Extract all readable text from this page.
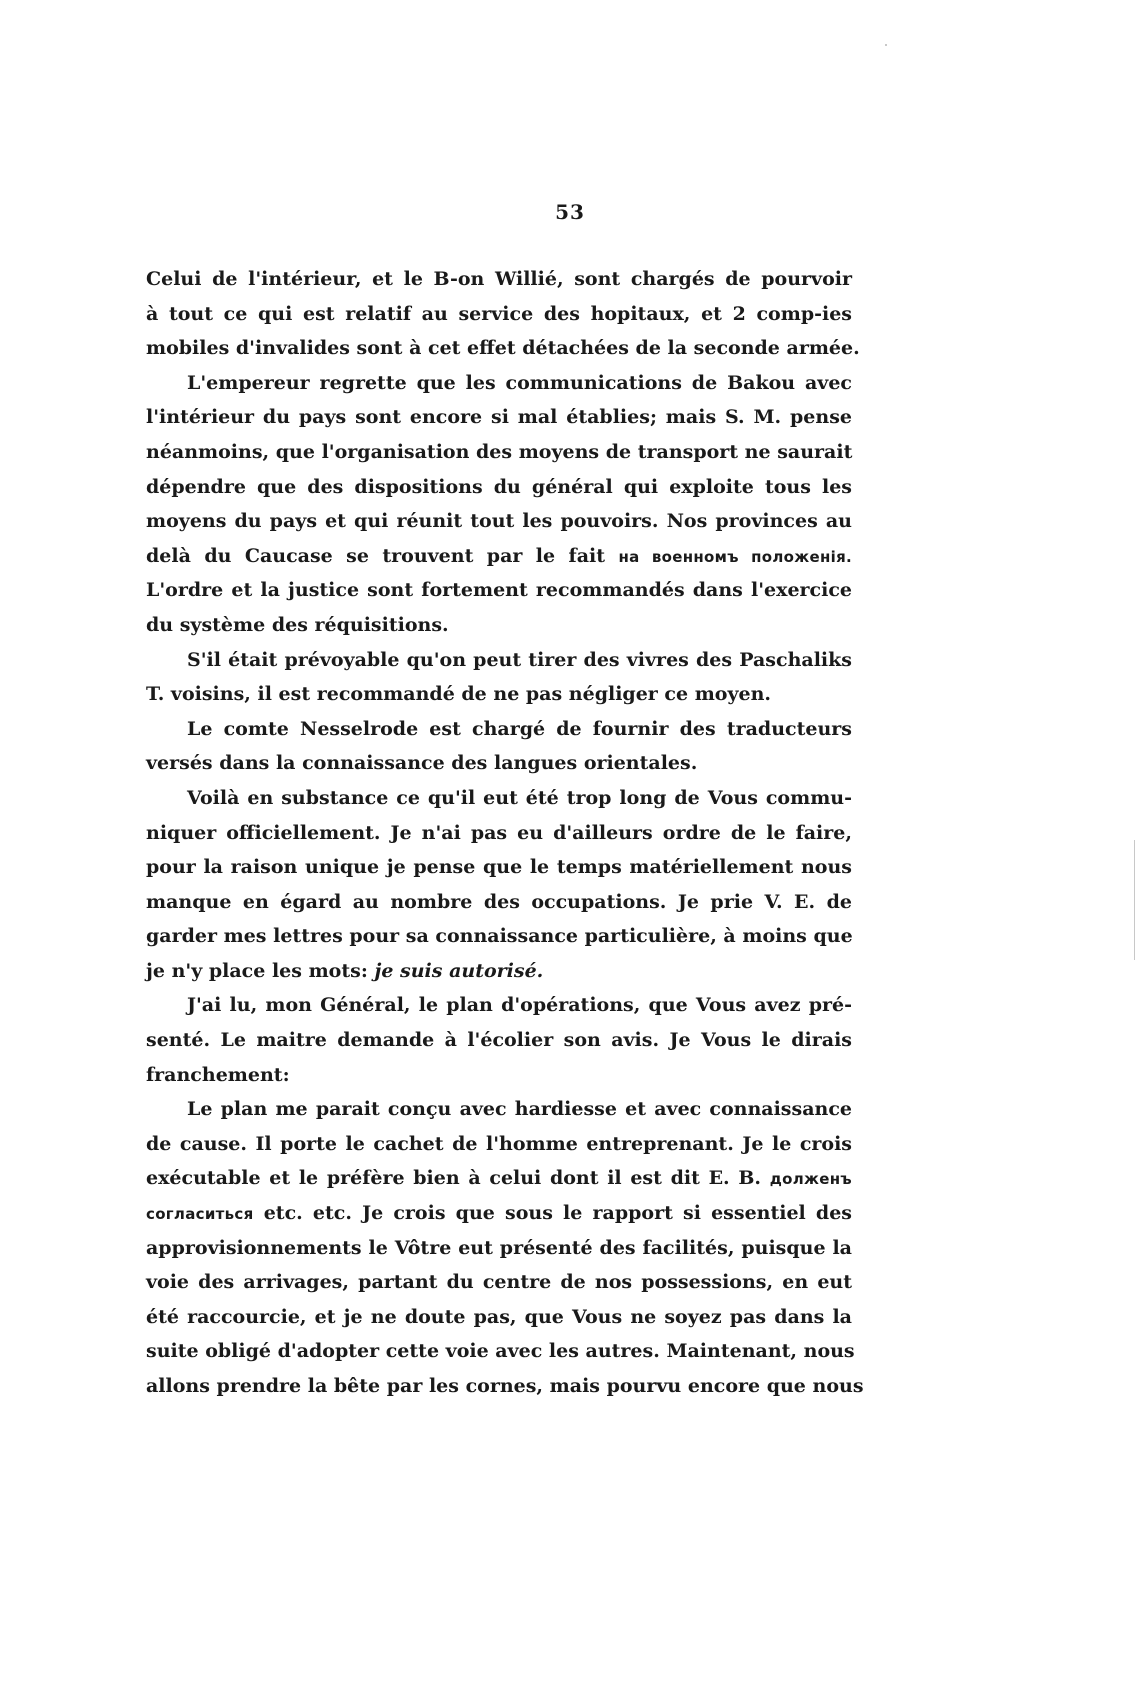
53
Celui de l'intérieur, et le B-on Willié, sont chargés de pourvoir
à tout ce qui est relatif au service des hopitaux, et 2 comp-ies
mobiles d'invalides sont à cet effet détachées de la seconde armée.
L'empereur regrette que les communications de Bakou avec
l'intérieur du pays sont encore si mal établies; mais S. M. pense
néanmoins, que l'organisation des moyens de transport ne saurait
dépendre que des dispositions du général qui exploite tous les
moyens du pays et qui réunit tout les pouvoirs. Nos provinces au
delà du Caucase se trouvent par le fait на военномъ положенія.
L'ordre et la justice sont fortement recommandés dans l'exercice
du système des réquisitions.
S'il était prévoyable qu'on peut tirer des vivres des Paschaliks
T. voisins, il est recommandé de ne pas négliger ce moyen.
Le comte Nesselrode est chargé de fournir des traducteurs
versés dans la connaissance des langues orientales.
Voilà en substance ce qu'il eut été trop long de Vous commu-
niquer officiellement. Je n'ai pas eu d'ailleurs ordre de le faire,
pour la raison unique je pense que le temps matériellement nous
manque en égard au nombre des occupations. Je prie V. E. de
garder mes lettres pour sa connaissance particulière, à moins que
je n'y place les mots: je suis autorisé.
J'ai lu, mon Général, le plan d'opérations, que Vous avez pré-
senté. Le maitre demande à l'écolier son avis. Je Vous le dirais
franchement:
Le plan me parait conçu avec hardiesse et avec connaissance
de cause. Il porte le cachet de l'homme entreprenant. Je le crois
exécutable et le préfère bien à celui dont il est dit E. B. долженъ
согласиться etc. etc. Je crois que sous le rapport si essentiel des
approvisionnements le Vôtre eut présenté des facilités, puisque la
voie des arrivages, partant du centre de nos possessions, en eut
été raccourcie, et je ne doute pas, que Vous ne soyez pas dans la
suite obligé d'adopter cette voie avec les autres. Maintenant, nous
allons prendre la bête par les cornes, mais pourvu encore que nous
